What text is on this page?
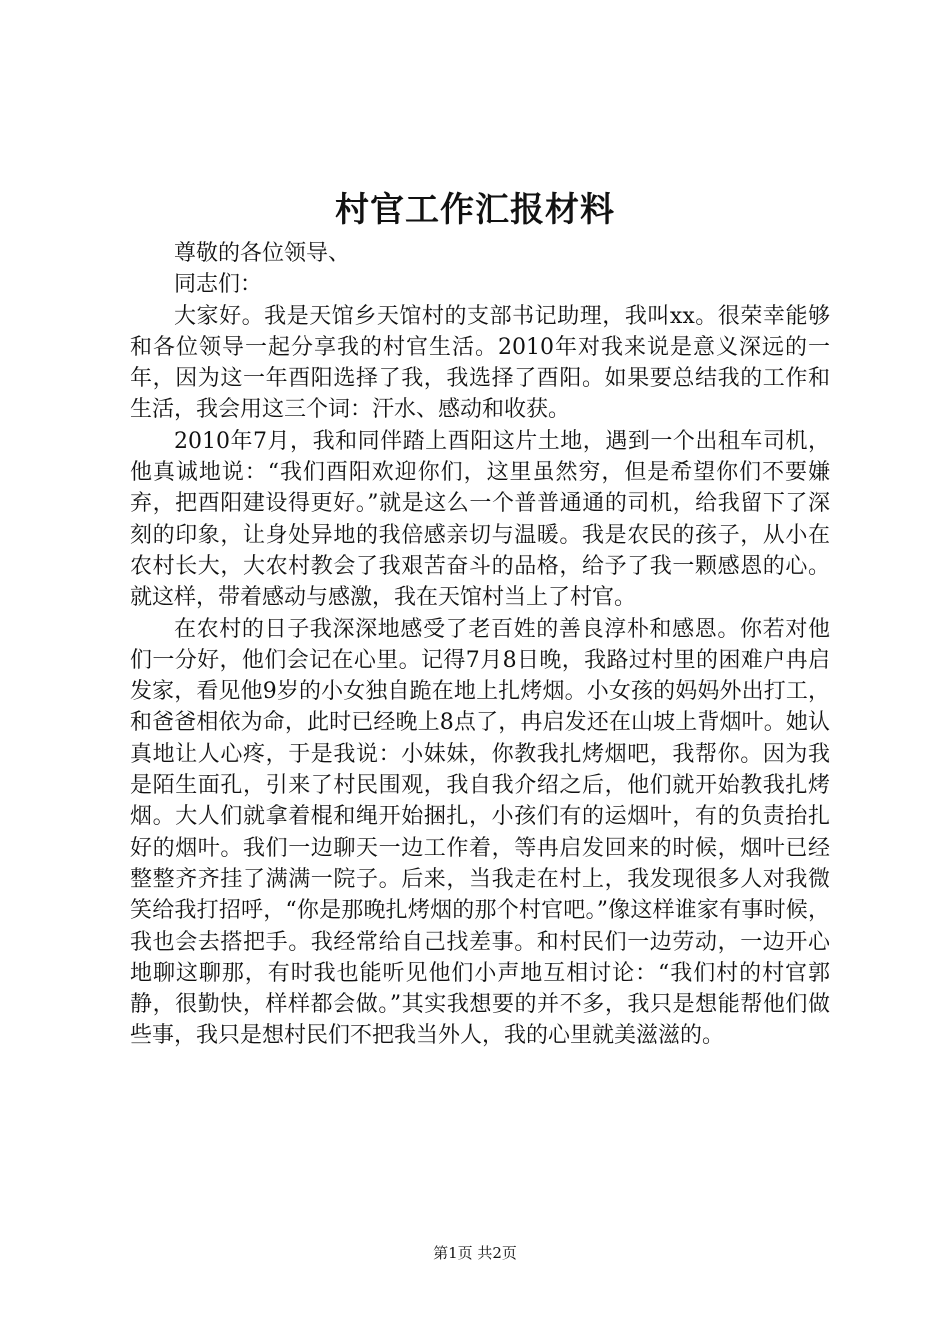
村官工作汇报材料

尊敬的各位领导、

同志们：

大家好。我是天馆乡天馆村的支部书记助理，我叫xx。很荣幸能够和各位领导一起分享我的村官生活。2010年对我来说是意义深远的一年，因为这一年酉阳选择了我，我选择了酉阳。如果要总结我的工作和生活，我会用这三个词：汗水、感动和收获。

2010年7月，我和同伴踏上酉阳这片土地，遇到一个出租车司机，他真诚地说：“我们酉阳欢迎你们，这里虽然穷，但是希望你们不要嫌弃，把酉阳建设得更好。”就是这么一个普普通通的司机，给我留下了深刻的印象，让身处异地的我倍感亲切与温暖。我是农民的孩子，从小在农村长大，大农村教会了我艰苦奋斗的品格，给予了我一颗感恩的心。就这样，带着感动与感激，我在天馆村当上了村官。

在农村的日子我深深地感受了老百姓的善良淳朴和感恩。你若对他们一分好，他们会记在心里。记得7月8日晚，我路过村里的困难户冉启发家，看见他9岁的小女独自跪在地上扎烤烟。小女孩的妈妈外出打工，和爸爸相依为命，此时已经晚上8点了，冉启发还在山坡上背烟叶。她认真地让人心疼，于是我说：小妹妹，你教我扎烤烟吧，我帮你。因为我是陌生面孔，引来了村民围观，我自我介绍之后，他们就开始教我扎烤烟。大人们就拿着棍和绳开始捆扎，小孩们有的运烟叶，有的负责抬扎好的烟叶。我们一边聊天一边工作着，等冉启发回来的时候，烟叶已经整整齐齐挂了满满一院子。后来，当我走在村上，我发现很多人对我微笑给我打招呼，“你是那晚扎烤烟的那个村官吧。”像这样谁家有事时候，我也会去搭把手。我经常给自己找差事。和村民们一边劳动，一边开心地聊这聊那，有时我也能听见他们小声地互相讨论：“我们村的村官郭静，很勤快，样样都会做。”其实我想要的并不多，我只是想能帮他们做些事，我只是想村民们不把我当外人，我的心里就美滋滋的。

第1页 共2页
